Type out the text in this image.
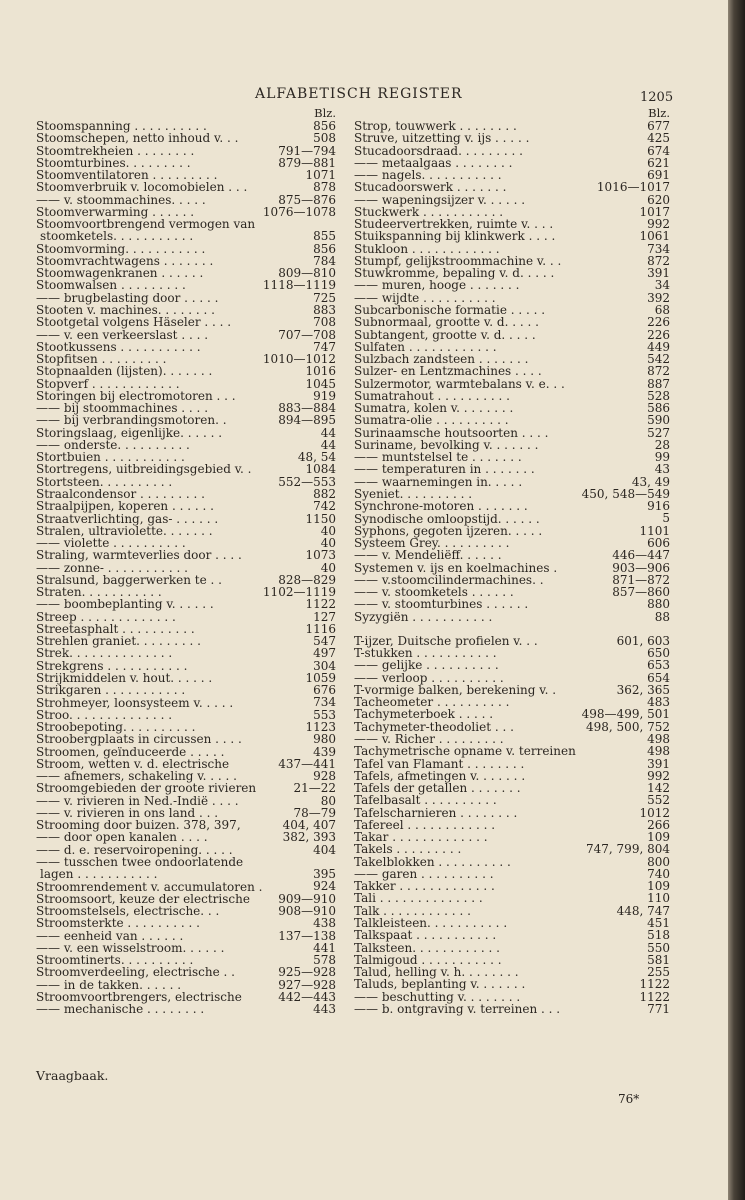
ALFABETISCH REGISTER	1205
Blz.
Stoomspanning . . . . . . . . . .	856
Stoomschepen, netto inhoud v. . .	508
Stoomtrekheien . . . . . . . .	791—794
Stoomturbines. . . . . . . . .	879—881
Stoomventilatoren . . . . . . . . .	1071
Stoomverbruik v. locomobielen . . .	878
—— v. stoommachines. . . . .	875—876
Stoomverwarming . . . . . .	1076—1078
Stoomvoortbrengend vermogen van
stoomketels. . . . . . . . . . .	855
Stoomvorming. . . . . . . . . . .	856
Stoomvrachtwagens . . . . . . .	784
Stoomwagenkranen . . . . . .	809—810
Stoomwalsen . . . . . . . . .	1118—1119
—— brugbelasting door . . . . .	725
Stooten v. machines. . . . . . . .	883
Stootgetal volgens Häseler . . . .	708
—— v. een verkeerslast . . . .	707—708
Stootkussens . . . . . . . . . . .	747
Stopfitsen . . . . . . . . .	1010—1012
Stopnaalden (lijsten). . . . . . .	1016
Stopverf . . . . . . . . . . . .	1045
Storingen bij electromotoren . . .	919
—— bij stoommachines . . . .	883—884
—— bij verbrandingsmotoren. .	894—895
Storingslaag, eigenlijke. . . . . .	44
—— onderste. . . . . . . . . .	44
Stortbuien . . . . . . . . . . .	48, 54
Stortregens, uitbreidingsgebied v. .	1084
Stortsteen. . . . . . . . . .	552—553
Straalcondensor . . . . . . . . .	882
Straalpijpen, koperen . . . . . .	742
Straatverlichting, gas- . . . . . .	1150
Stralen, ultraviolette. . . . . . .	40
—— violette . . . . . . . . . .	40
Straling, warmteverlies door . . . .	1073
—— zonne- . . . . . . . . . . .	40
Stralsund, baggerwerken te . .	828—829
Straten. . . . . . . . . . .	1102—1119
—— boombeplanting v. . . . . .	1122
Streep . . . . . . . . . . . . .	127
Streetasphalt . . . . . . . . . .	1116
Strehlen graniet. . . . . . . . .	547
Strek. . . . . . . . . . . . . .	497
Strekgrens . . . . . . . . . . .	304
Strijkmiddelen v. hout. . . . . .	1059
Strikgaren . . . . . . . . . . .	676
Strohmeyer, loonsysteem v. . . . .	734
Stroo. . . . . . . . . . . . . .	553
Stroobepoting. . . . . . . . . .	1123
Stroobergplaats in circussen . . . .	980
Stroomen, geïnduceerde . . . . .	439
Stroom, wetten v. d. electrische	437—441
—— afnemers, schakeling v. . . . .	928
Stroomgebieden der groote rivieren	21—22
—— v. rivieren in Ned.-Indië . . . .	80
—— v. rivieren in ons land . . .	78—79
Strooming door buizen. 378, 397,	404, 407
—— door open kanalen . . . .	382, 393
—— d. e. reservoiropening. . . . .	404
—— tusschen twee ondoorlatende
lagen . . . . . . . . . . .	395
Stroomrendement v. accumulatoren .	924
Stroomsoort, keuze der electrische 909—910
Stroomstelsels, electrische. . .	908—910
Stroomsterkte . . . . . . . . . .	438
—— eenheid van . . . . . .	137—138
—— v. een wisselstroom. . . . . .	441
Stroomtinerts. . . . . . . . . .	578
Stroomverdeeling, electrische . .	925—928
—— in de takken. . . . . .	927—928
Stroomvoortbrengers, electrische	442—443
—— mechanische . . . . . . . .	443
Blz.
Strop, touwwerk . . . . . . . .	677
Struve, uitzetting v. ijs . . . . .	425
Stucadoorsdraad. . . . . . . . .	674
—— metaalgaas . . . . . . . .	621
—— nagels. . . . . . . . . . .	691
Stucadoorswerk . . . . . . .	1016—1017
—— wapeningsijzer v. . . . . .	620
Stuckwerk . . . . . . . . . . .	1017
Studeervertrekken, ruimte v. . . .	992
Stuikspanning bij klinkwerk . . . .	1061
Stukloon . . . . . . . . . . . .	734
Stumpf, gelijkstroommachine v. . .	872
Stuwkromme, bepaling v. d. . . . .	391
—— muren, hooge . . . . . . .	34
—— wijdte . . . . . . . . . .	392
Subcarbonische formatie . . . . .	68
Subnormaal, grootte v. d. . . . .	226
Subtangent, grootte v. d. . . . .	226
Sulfaten . . . . . . . . . . . .	449
Sulzbach zandsteen . . . . . . .	542
Sulzer- en Lentzmachines . . . .	872
Sulzermotor, warmtebalans v. e. . .	887
Sumatrahout . . . . . . . . . .	528
Sumatra, kolen v. . . . . . . .	586
Sumatra-olie . . . . . . . . . .	590
Surinaamsche houtsoorten . . . .	527
Suriname, bevolking v. . . . . . .	28
—— muntstelsel te . . . . . . .	99
—— temperaturen in . . . . . . .	43
—— waarnemingen in. . . . .	43, 49
Syeniet. . . . . . . . . .	450, 548—549
Synchrone-motoren . . . . . . .	916
Synodische omloopstijd. . . . . .	5
Syphons, gegoten ijzeren. . . . .	1101
Systeem Grey. . . . . . . . . .	606
—— v. Mendeliëff. . . . . .	446—447
Systemen v. ijs en koelmachines .	903—906
—— v.stoomcilindermachines. .	871—872
—— v. stoomketels . . . . . .	857—860
—— v. stoomturbines . . . . . .	880
Syzygiën . . . . . . . . . . .	88
T-ijzer, Duitsche profielen v. . .	601, 603
T-stukken . . . . . . . . . . .	650
—— gelijke . . . . . . . . . .	653
—— verloop . . . . . . . . . .	654
T-vormige balken, berekening v. .	362, 365
Tacheometer . . . . . . . . . .	483
Tachymeterboek . . . . .	498—499, 501
Tachymeter-theodoliet . . .	498, 500, 752
—— v. Richer . . . . . . . . .	498
Tachymetrische opname v. terreinen	498
Tafel van Flamant . . . . . . . .	391
Tafels, afmetingen v. . . . . . .	992
Tafels der getallen . . . . . . .	142
Tafelbasalt . . . . . . . . . .	552
Tafelscharnieren . . . . . . . .	1012
Tafereel . . . . . . . . . . . .	266
Takar . . . . . . . . . . . . .	109
Takels . . . . . . . . .	747, 799, 804
Takelblokken . . . . . . . . . .	800
—— garen . . . . . . . . . .	740
Takker . . . . . . . . . . . . .	109
Tali . . . . . . . . . . . . . .	110
Talk . . . . . . . . . . . .	448, 747
Talkleisteen. . . . . . . . . . .	451
Talkspaat . . . . . . . . . . .	518
Talksteen. . . . . . . . . . . .	550
Talmigoud . . . . . . . . . . .	581
Talud, helling v. h. . . . . . . .	255
Taluds, beplanting v. . . . . . .	1122
—— beschutting v. . . . . . . .	1122
—— b. ontgraving v. terreinen . . .	771
Vraagbaak.
76*
